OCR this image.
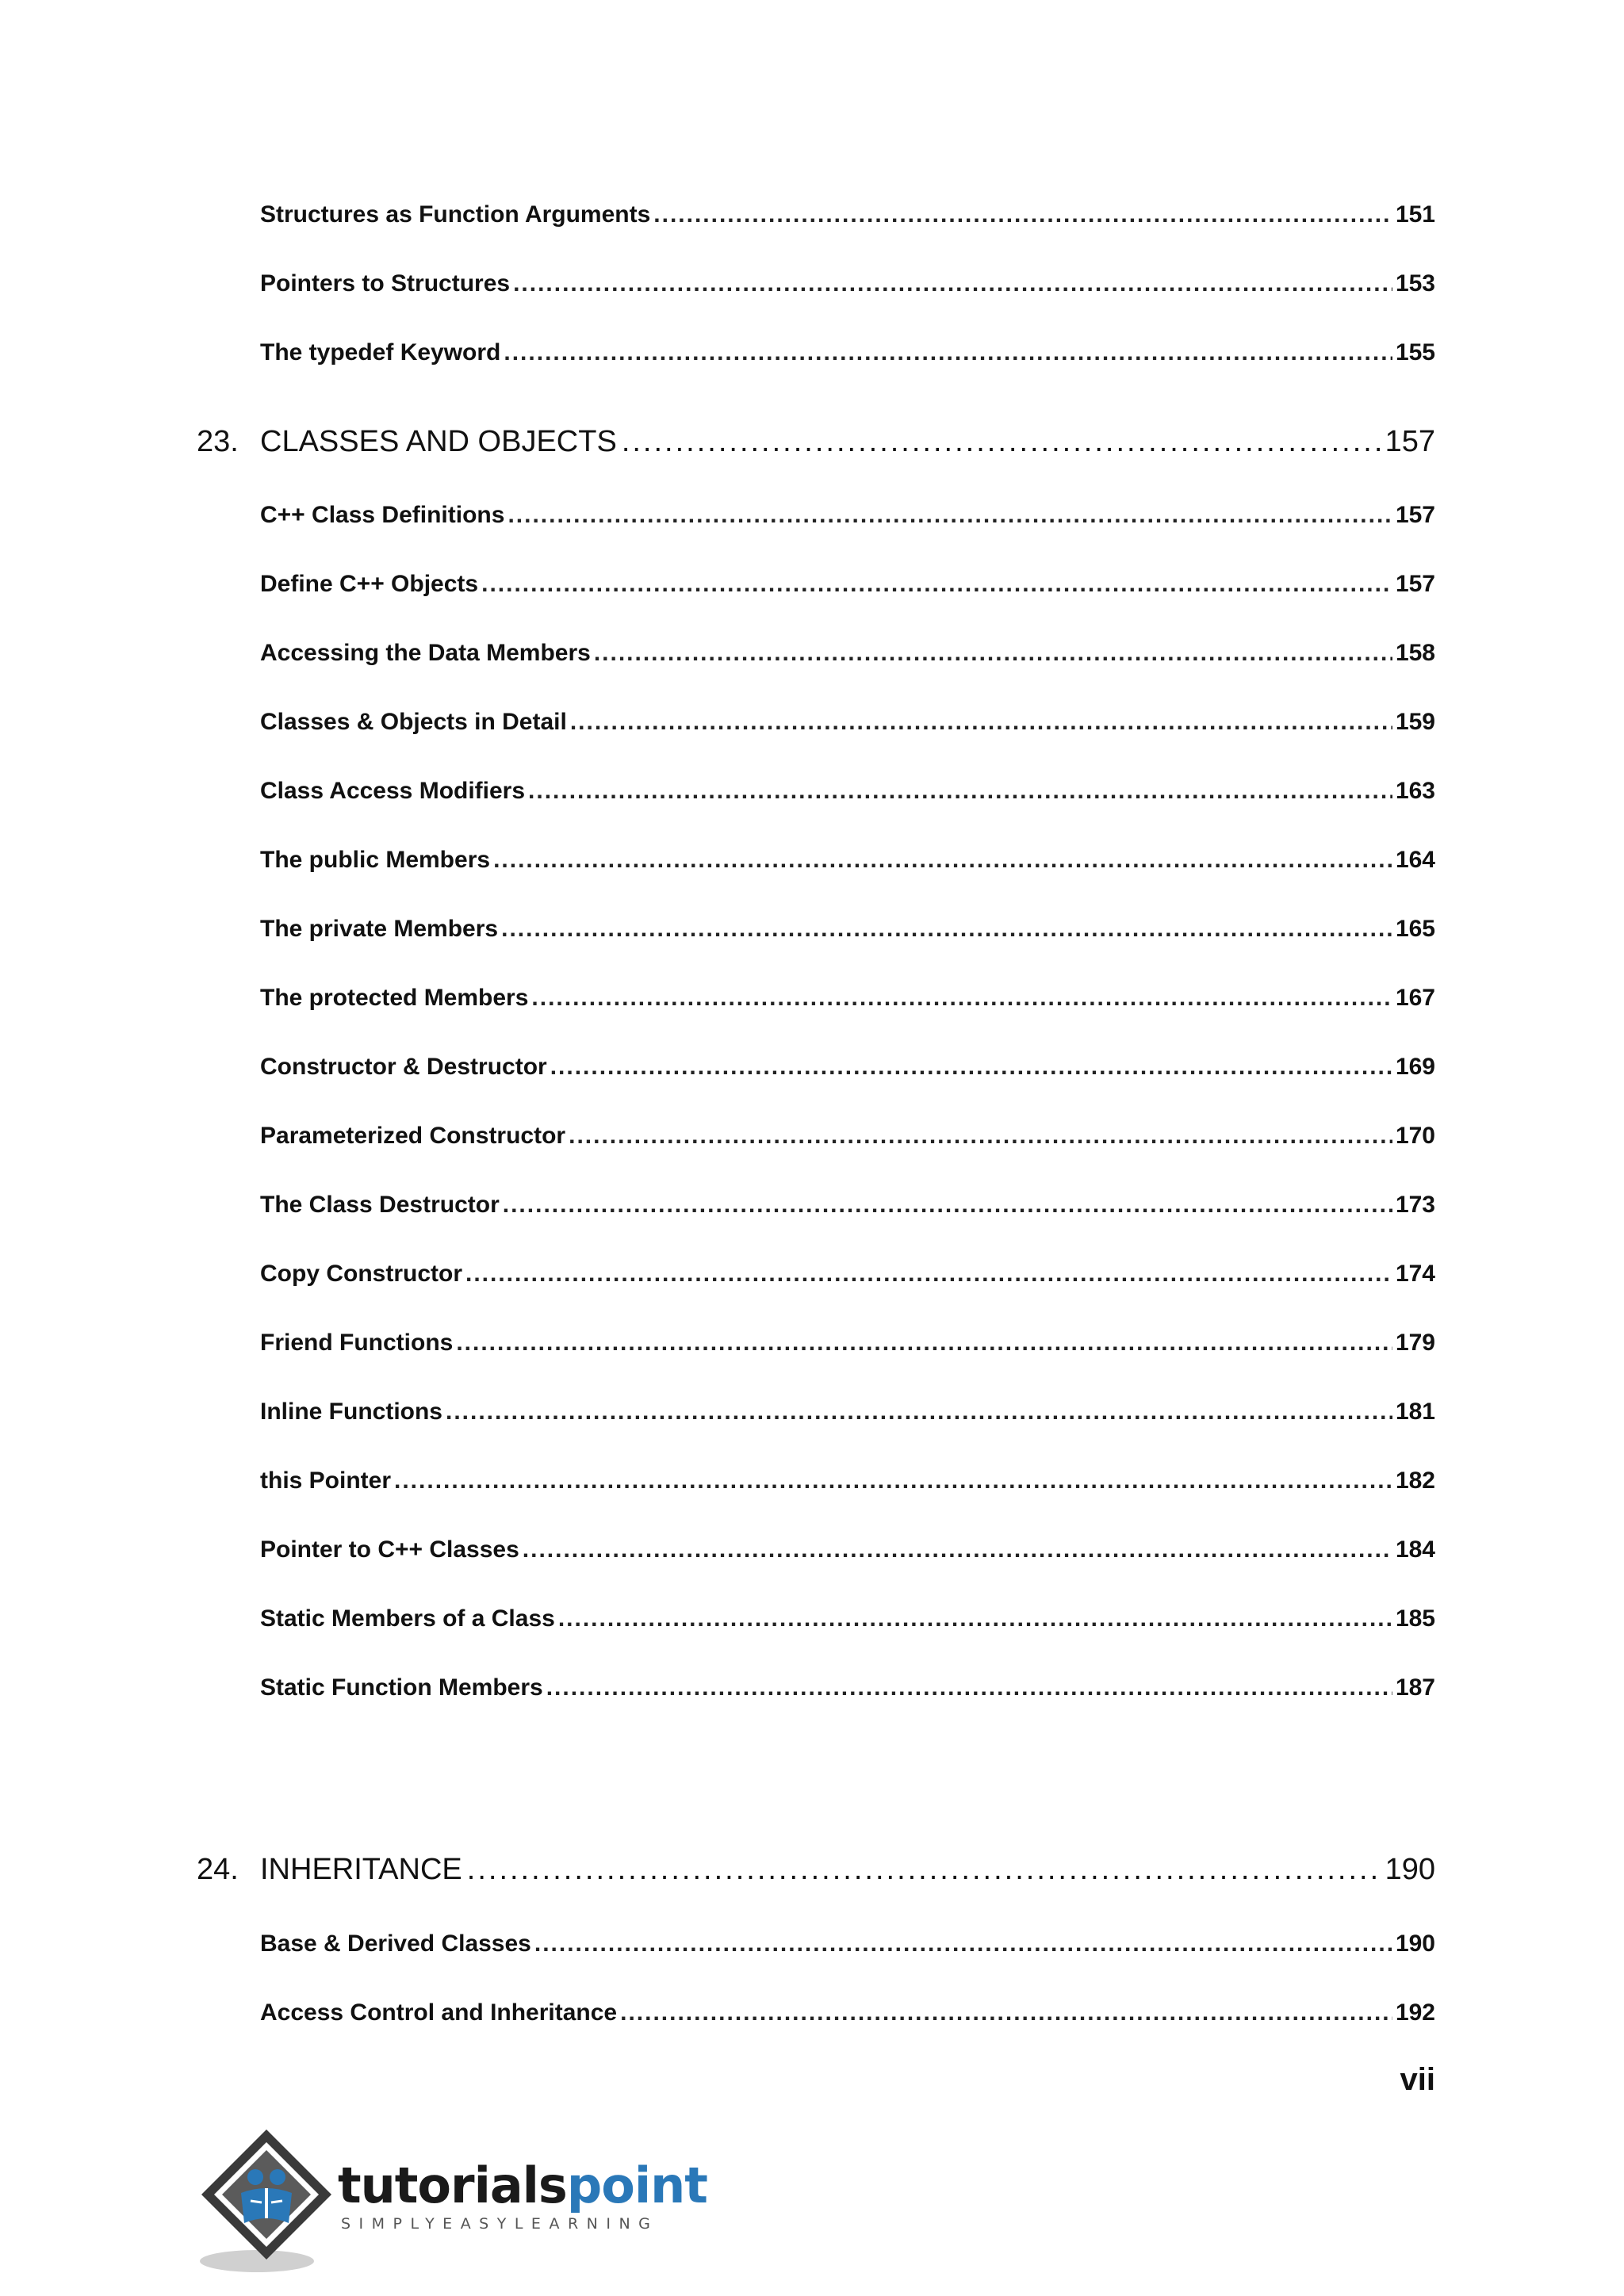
Structures as Function Arguments .....	151
Pointers to Structures .....	153
The typedef Keyword .....	155
23. CLASSES AND OBJECTS .....	157
C++ Class Definitions .....	157
Define C++ Objects .....	157
Accessing the Data Members .....	158
Classes & Objects in Detail .....	159
Class Access Modifiers .....	163
The public Members .....	164
The private Members .....	165
The protected Members .....	167
Constructor & Destructor .....	169
Parameterized Constructor .....	170
The Class Destructor .....	173
Copy Constructor .....	174
Friend Functions .....	179
Inline Functions .....	181
this Pointer .....	182
Pointer to C++ Classes .....	184
Static Members of a Class .....	185
Static Function Members .....	187
24. INHERITANCE .....	190
Base & Derived Classes .....	190
Access Control and Inheritance .....	192
vii
tutorialspoint
SIMPLYEASYLEARNING
